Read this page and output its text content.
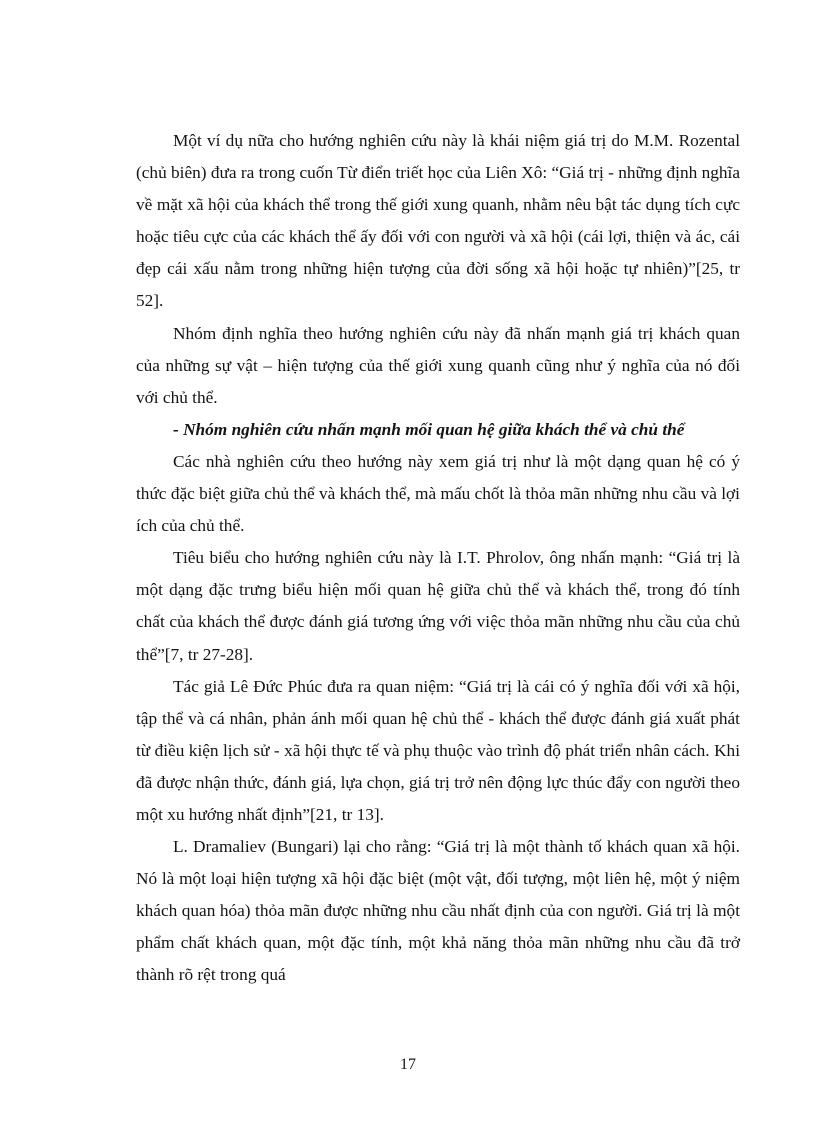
Một ví dụ nữa cho hướng nghiên cứu này là khái niệm giá trị do M.M. Rozental (chủ biên) đưa ra trong cuốn Từ điển triết học của Liên Xô: “Giá trị - những định nghĩa về mặt xã hội của khách thể trong thế giới xung quanh, nhằm nêu bật tác dụng tích cực hoặc tiêu cực của các khách thể ấy đối với con người và xã hội (cái lợi, thiện và ác, cái đẹp cái xấu nằm trong những hiện tượng của đời sống xã hội hoặc tự nhiên)”[25, tr 52].

Nhóm định nghĩa theo hướng nghiên cứu này đã nhấn mạnh giá trị khách quan của những sự vật – hiện tượng của thế giới xung quanh cũng như ý nghĩa của nó đối với chủ thể.

- Nhóm nghiên cứu nhấn mạnh mối quan hệ giữa khách thể và chủ thể

Các nhà nghiên cứu theo hướng này xem giá trị như là một dạng quan hệ có ý thức đặc biệt giữa chủ thể và khách thể, mà mấu chốt là thỏa mãn những nhu cầu và lợi ích của chủ thể.

Tiêu biểu cho hướng nghiên cứu này là I.T. Phrolov, ông nhấn mạnh: “Giá trị là một dạng đặc trưng biểu hiện mối quan hệ giữa chủ thể và khách thể, trong đó tính chất của khách thể được đánh giá tương ứng với việc thỏa mãn những nhu cầu của chủ thể”[7, tr 27-28].

Tác giả Lê Đức Phúc đưa ra quan niệm: “Giá trị là cái có ý nghĩa đối với xã hội, tập thể và cá nhân, phản ánh mối quan hệ chủ thể - khách thể được đánh giá xuất phát từ điều kiện lịch sử - xã hội thực tế và phụ thuộc vào trình độ phát triển nhân cách. Khi đã được nhận thức, đánh giá, lựa chọn, giá trị trở nên động lực thúc đẩy con người theo một xu hướng nhất định”[21, tr 13].

L. Dramaliev (Bungari) lại cho rằng: “Giá trị là một thành tố khách quan xã hội. Nó là một loại hiện tượng xã hội đặc biệt (một vật, đối tượng, một liên hệ, một ý niệm khách quan hóa) thỏa mãn được những nhu cầu nhất định của con người. Giá trị là một phẩm chất khách quan, một đặc tính, một khả năng thỏa mãn những nhu cầu đã trở thành rõ rệt trong quá

17
